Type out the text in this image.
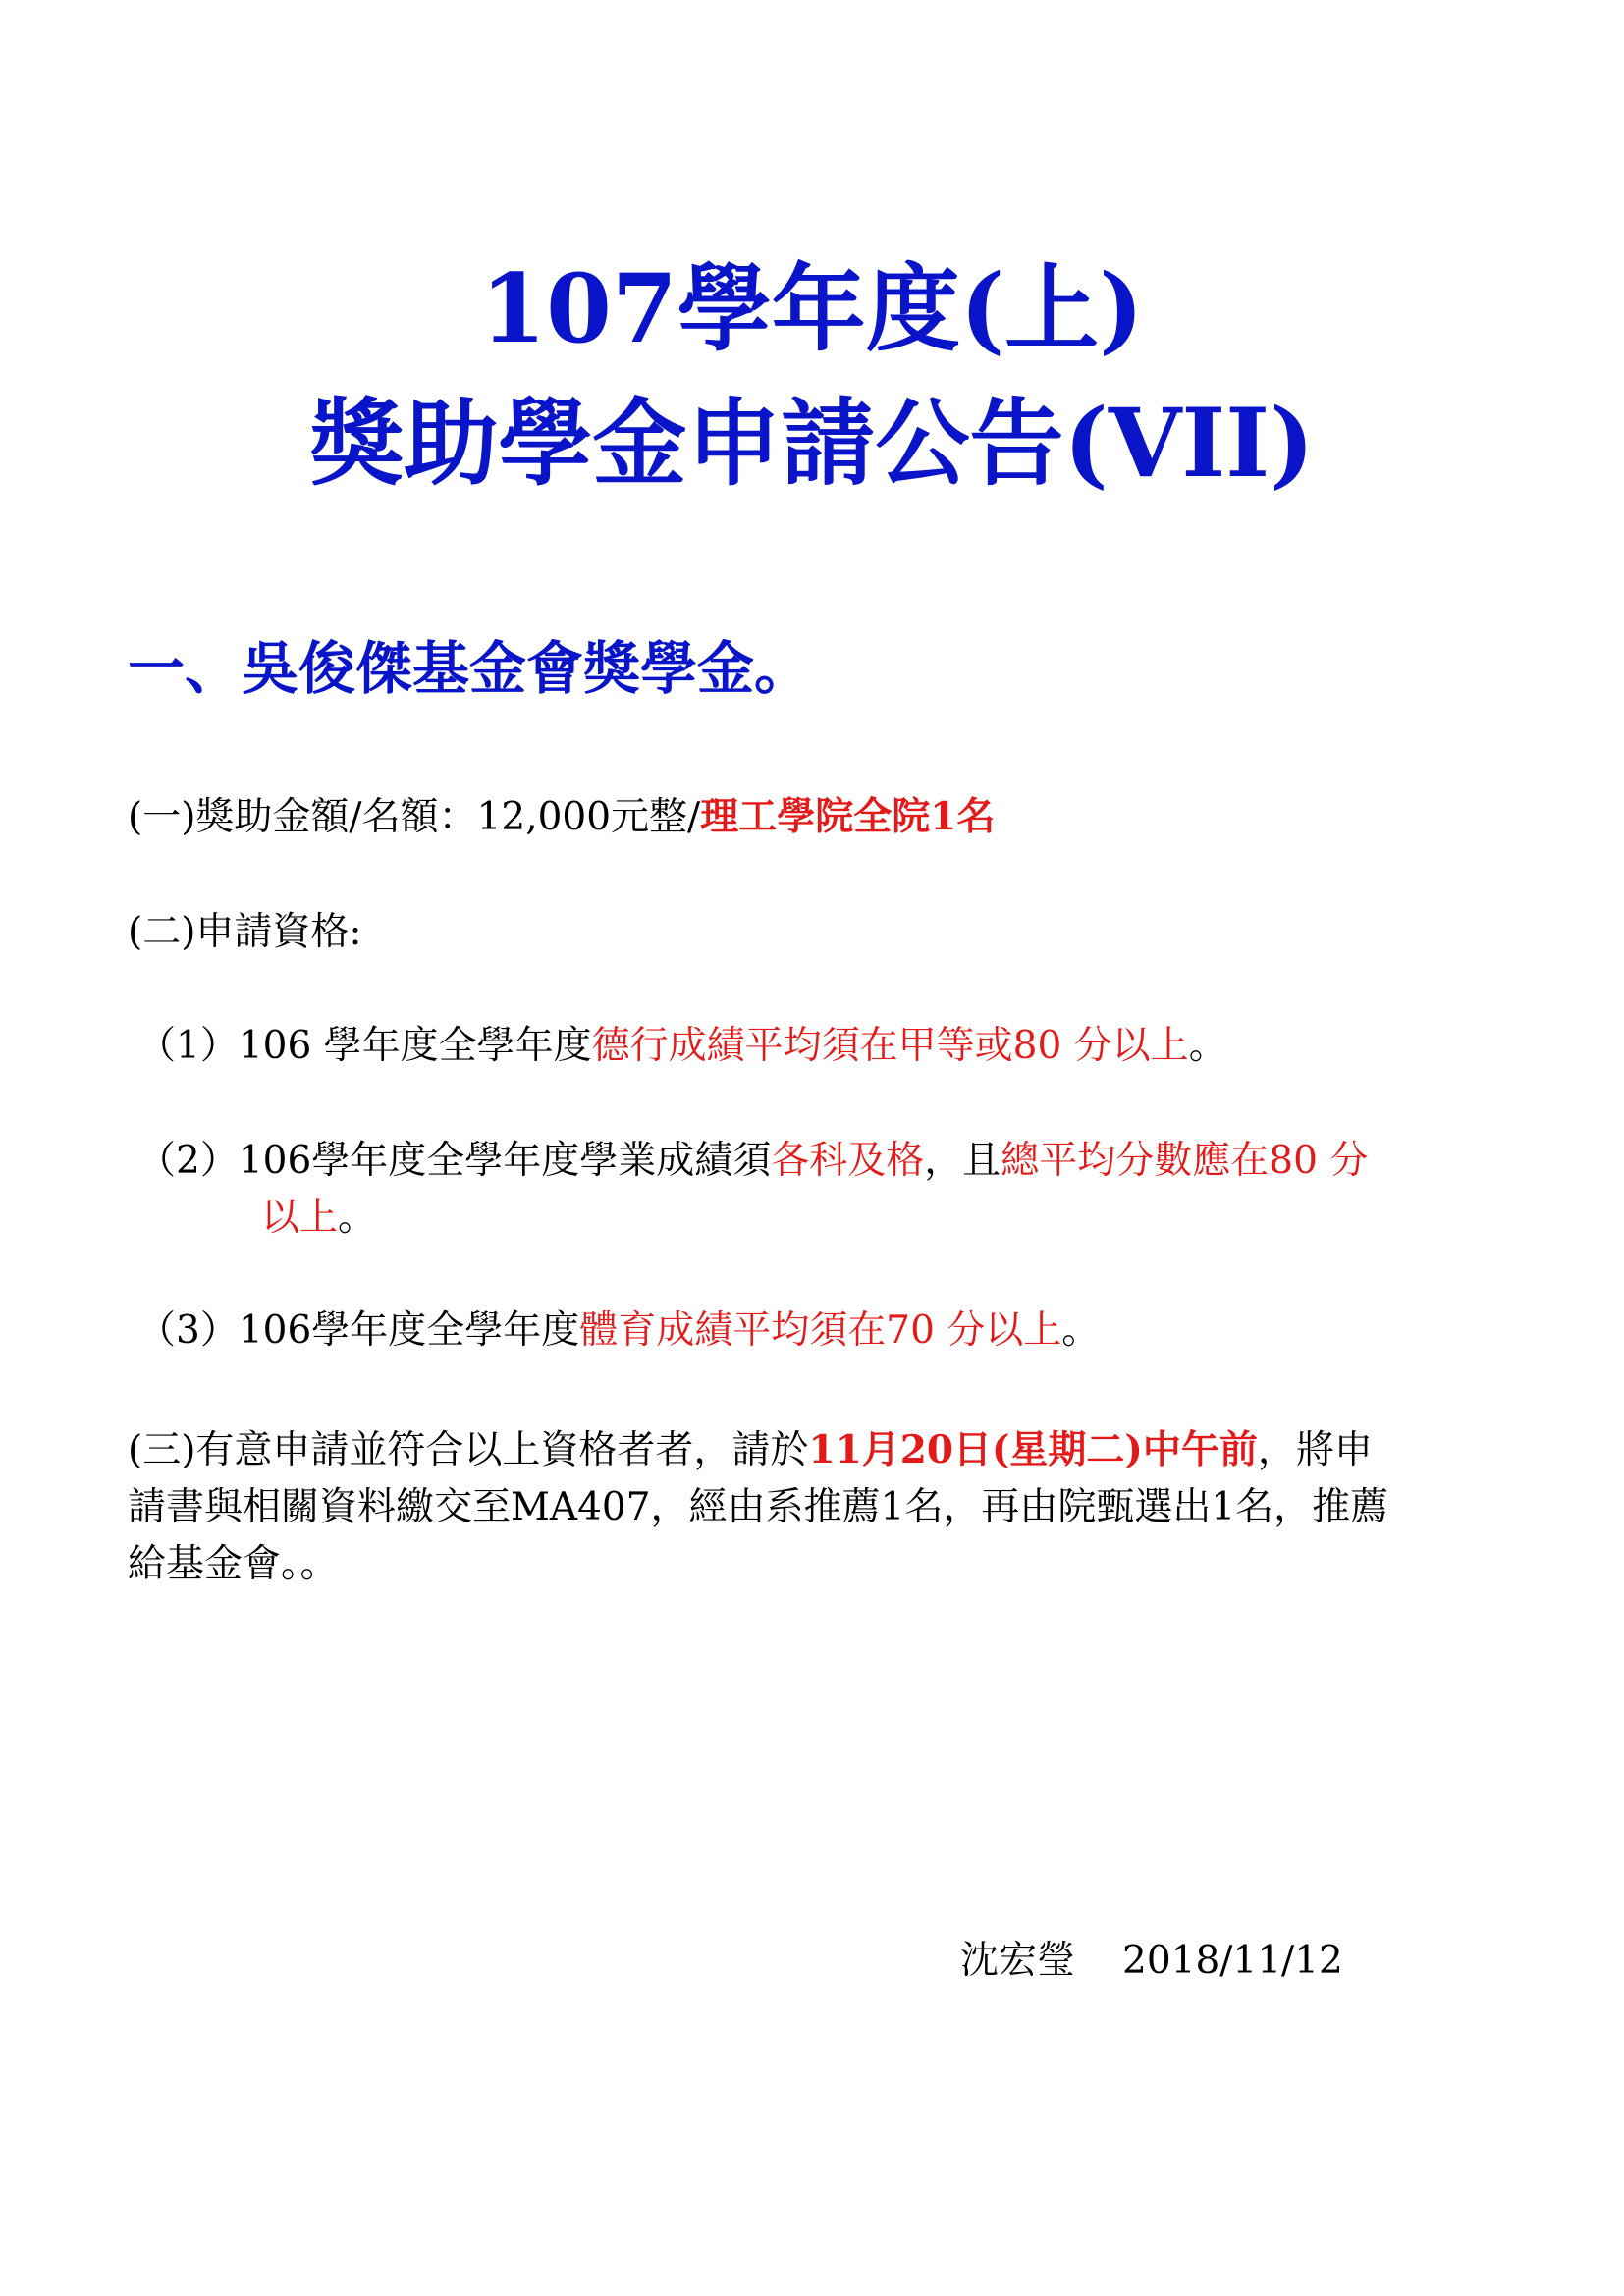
107學年度(上)
獎助學金申請公告(VII)
一、吳俊傑基金會獎學金。
(一)獎助金額/名額：12,000元整/理工學院全院1名
(二)申請資格:
（1）106 學年度全學年度德行成績平均須在甲等或80 分以上。
（2）106學年度全學年度學業成績須各科及格，且總平均分數應在80 分
以上。
（3）106學年度全學年度體育成績平均須在70 分以上。
(三)有意申請並符合以上資格者者，請於11月20日(星期二)中午前，將申
請書與相關資料繳交至MA407，經由系推薦1名，再由院甄選出1名，推薦
給基金會。。
沈宏瑩 2018/11/12
